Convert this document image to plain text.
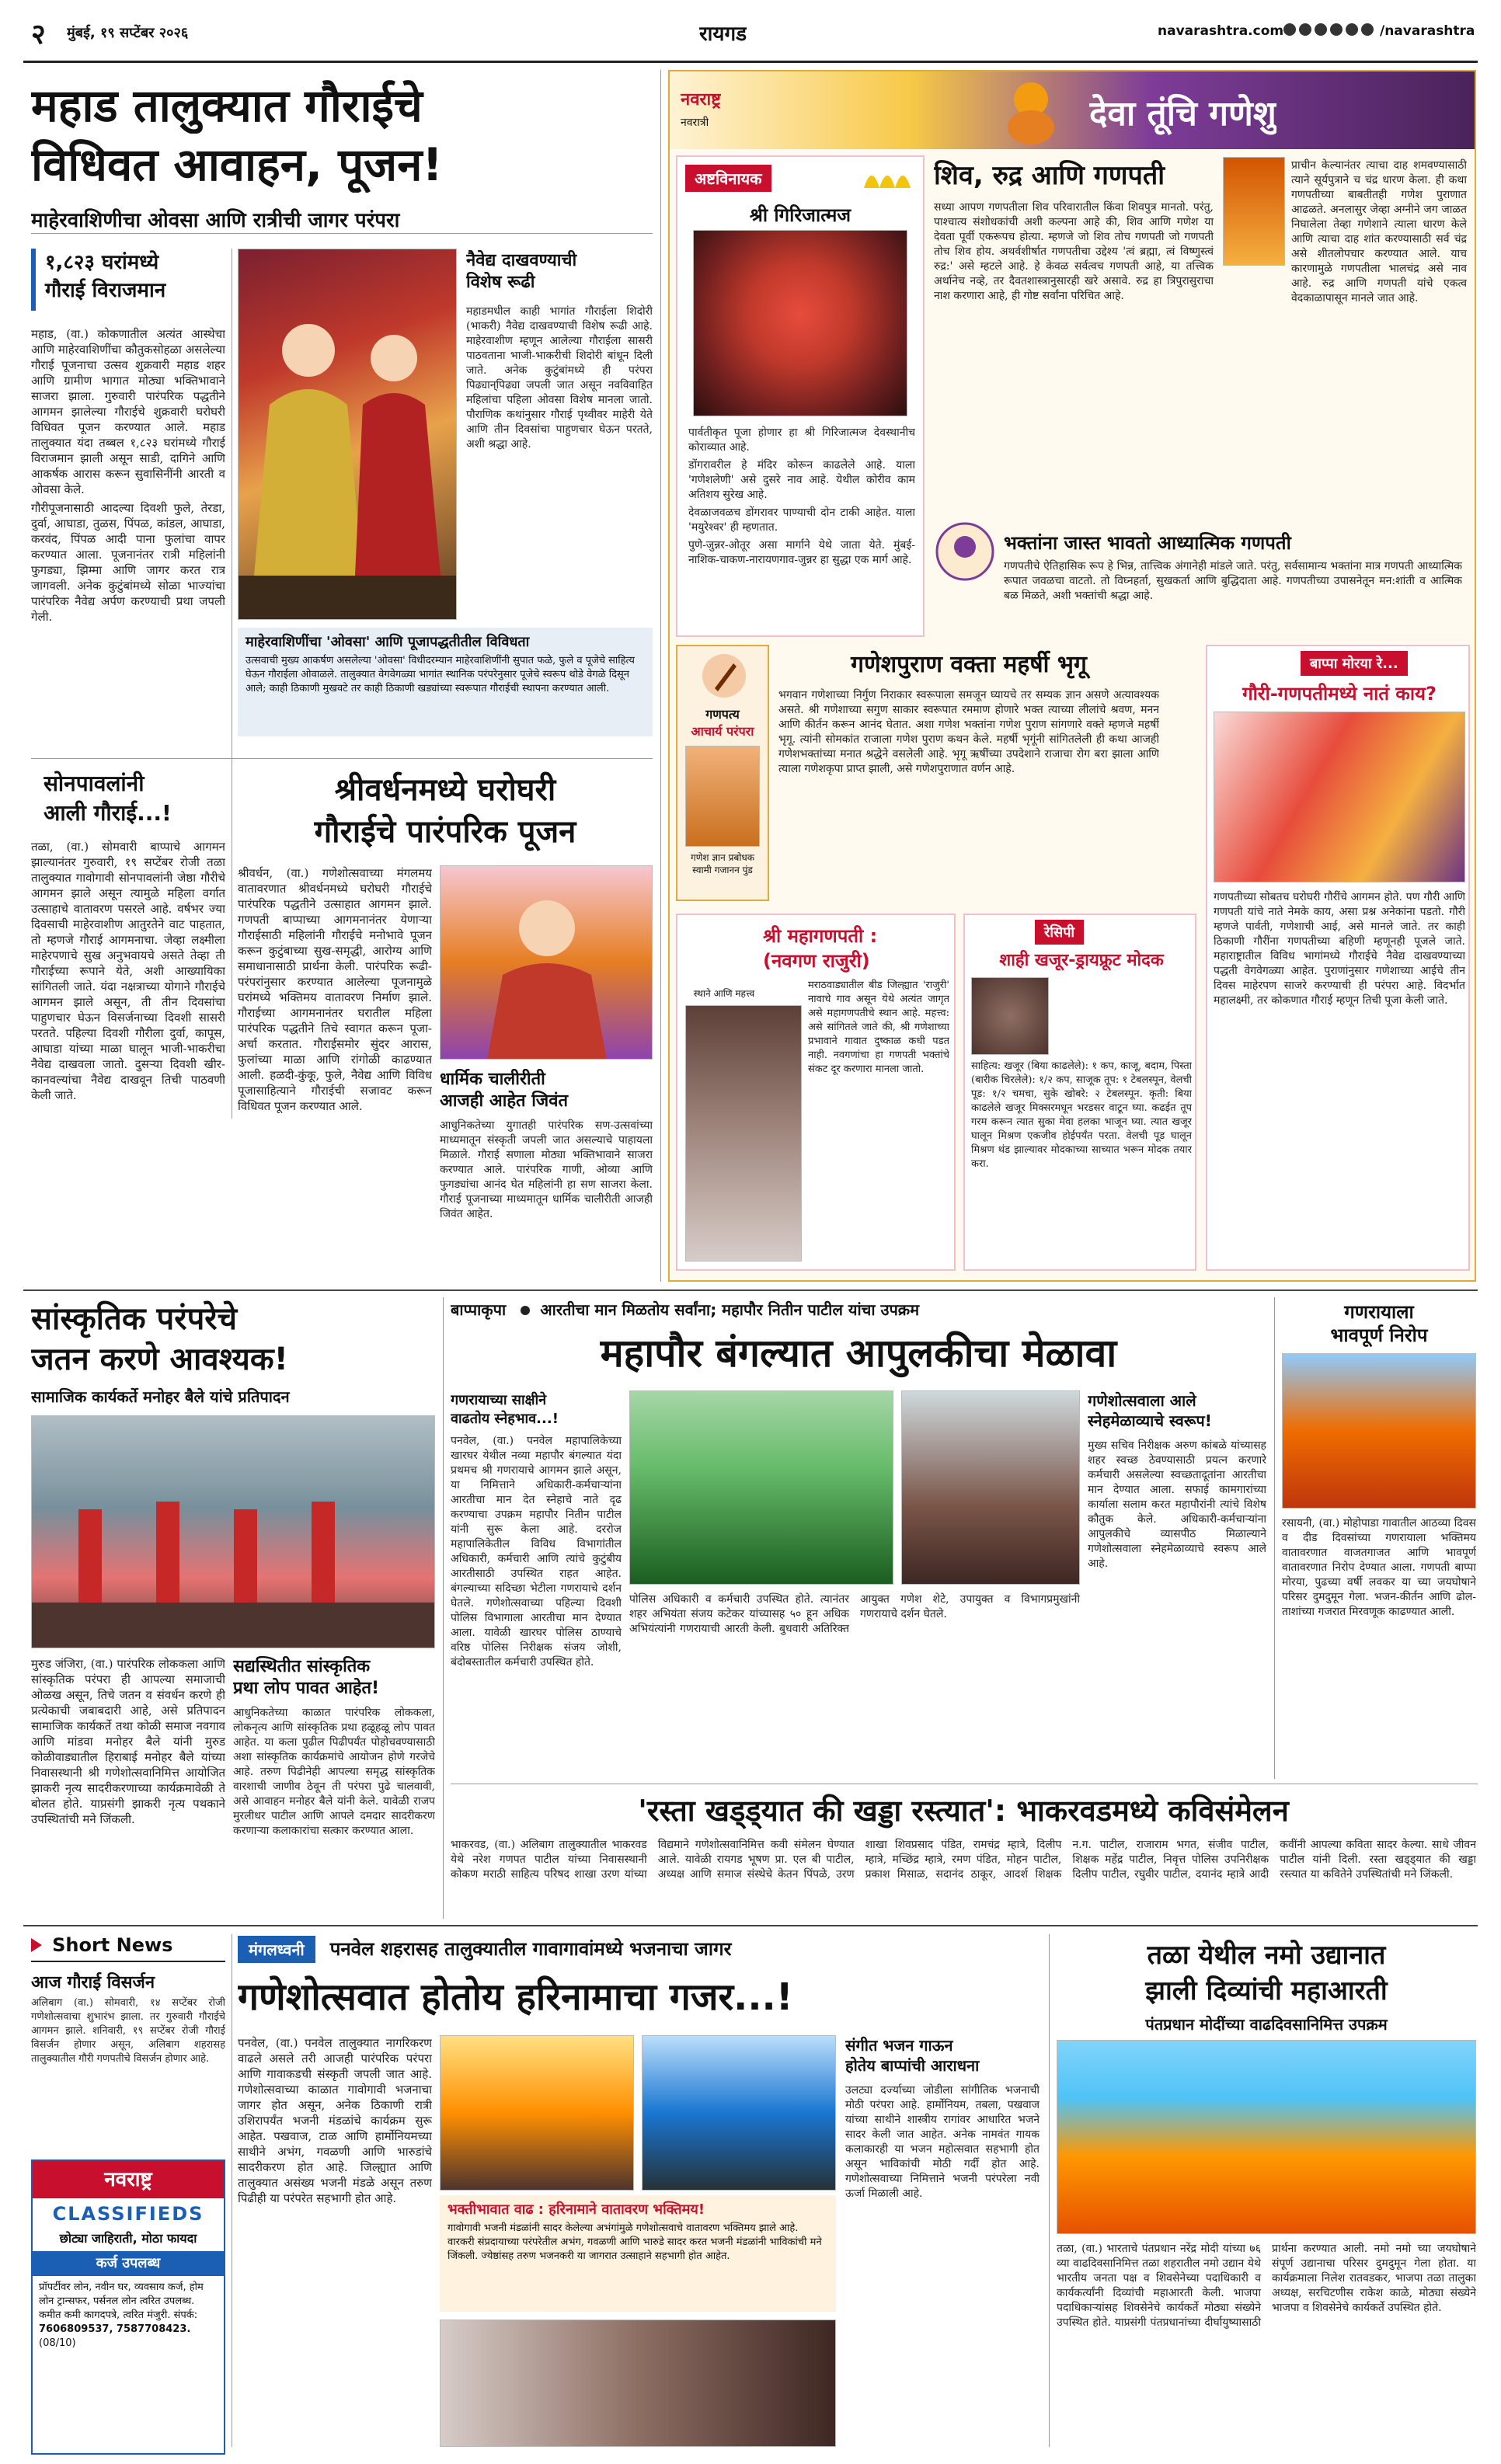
२ मुंबई, १९ सप्टेंबर २०२६	रायगड	navarashtra.com	/navarashtra
महाड तालुक्यात गौराईचे
विधिवत आवाहन, पूजन!
माहेरवाशिणीचा ओवसा आणि रात्रीची जागर परंपरा
१,८२३ घरांमध्ये
गौराई विराजमान

महाड, (वा.) कोकणातील अत्यंत आस्थेचा आणि माहेरवाशिणींचा कौतुकसोहळा असलेल्या गौराई पूजनाचा उत्सव शुक्रवारी महाड शहर आणि ग्रामीण भागात मोठ्या भक्तिभावाने साजरा झाला. गुरुवारी पारंपरिक पद्धतीने आगमन झालेल्या गौराईचे शुक्रवारी घरोघरी विधिवत पूजन करण्यात आले. महाड तालुक्यात यंदा तब्बल १,८२३ घरांमध्ये गौराई विराजमान झाली असून साडी, दागिने आणि आकर्षक आरास करून सुवासिनींनी आरती व ओवसा केले.

गौरीपूजनासाठी आदल्या दिवशी फुले, तेरडा, दुर्वा, आघाडा, तुळस, पिंपळ, कांडल, आघाडा, करवंद, पिंपळ आदी पाना फुलांचा वापर करण्यात आला. पूजनानंतर रात्री महिलांनी फुगड्या, झिम्मा आणि जागर करत रात्र जागवली. अनेक कुटुंबांमध्ये सोळा भाज्यांचा पारंपरिक नैवेद्य अर्पण करण्याची प्रथा जपली गेली.

नैवेद्य दाखवण्याची
विशेष रूढी
महाडमधील काही भागांत गौराईला शिदोरी (भाकरी) नैवेद्य दाखवण्याची विशेष रूढी आहे. माहेरवाशीण म्हणून आलेल्या गौराईला सासरी पाठवताना भाजी-भाकरीची शिदोरी बांधून दिली जाते. अनेक कुटुंबांमध्ये ही परंपरा पिढ्यान्‌पिढ्या जपली जात असून नवविवाहित महिलांचा पहिला ओवसा विशेष मानला जातो. पौराणिक कथांनुसार गौराई पृथ्वीवर माहेरी येते आणि तीन दिवसांचा पाहुणचार घेऊन परतते, अशी श्रद्धा आहे.
माहेरवाशिणींचा 'ओवसा' आणि पूजापद्धतीतील विविधता
उत्सवाची मुख्य आकर्षण असलेल्या 'ओवसा' विधीदरम्यान माहेरवाशिणींनी सुपात फळे, फुले व पूजेचे साहित्य घेऊन गौराईला ओवाळले. तालुक्यात वेगवेगळ्या भागांत स्थानिक परंपरेनुसार पूजेचे स्वरूप थोडे वेगळे दिसून आले; काही ठिकाणी मुखवटे तर काही ठिकाणी खड्यांच्या स्वरूपात गौराईची स्थापना करण्यात आली.
सोनपावलांनी
आली गौराई...!
तळा, (वा.) सोमवारी बाप्पाचे आगमन झाल्यानंतर गुरुवारी, १९ सप्टेंबर रोजी तळा तालुक्यात गावोगावी सोनपावलांनी जेष्ठा गौरीचे आगमन झाले असून त्यामुळे महिला वर्गात उत्साहाचे वातावरण पसरले आहे. वर्षभर ज्या दिवसाची माहेरवाशीण आतुरतेने वाट पाहतात, तो म्हणजे गौराई आगमनाचा. जेव्हा लक्ष्मीला माहेरपणाचे सुख अनुभवायचे असते तेव्हा ती गौराईच्या रूपाने येते, अशी आख्यायिका सांगितली जाते. यंदा नक्षत्राच्या योगाने गौराईचे आगमन झाले असून, ती तीन दिवसांचा पाहुणचार घेऊन विसर्जनाच्या दिवशी सासरी परतते. पहिल्या दिवशी गौरीला दुर्वा, कापूस, आघाडा यांच्या माळा घालून भाजी-भाकरीचा नैवेद्य दाखवला जातो. दुसऱ्या दिवशी खीर-कानवल्यांचा नैवेद्य दाखवून तिची पाठवणी केली जाते.
श्रीवर्धनमध्ये घरोघरी
गौराईचे पारंपरिक पूजन
श्रीवर्धन, (वा.) गणेशोत्सवाच्या मंगलमय वातावरणात श्रीवर्धनमध्ये घरोघरी गौराईचे पारंपरिक पद्धतीने उत्साहात आगमन झाले. गणपती बाप्पाच्या आगमनानंतर येणाऱ्या गौराईसाठी महिलांनी गौराईचे मनोभावे पूजन करून कुटुंबाच्या सुख-समृद्धी, आरोग्य आणि समाधानासाठी प्रार्थना केली. पारंपरिक रूढी-परंपरांनुसार करण्यात आलेल्या पूजनामुळे घरांमध्ये भक्तिमय वातावरण निर्माण झाले. गौराईच्या आगमनानंतर घरातील महिला पारंपरिक पद्धतीने तिचे स्वागत करून पूजा-अर्चा करतात. गौराईसमोर सुंदर आरास, फुलांच्या माळा आणि रांगोळी काढण्यात आली. हळदी-कुंकू, फुले, नैवेद्य आणि विविध पूजासाहित्याने गौराईची सजावट करून विधिवत पूजन करण्यात आले.
धार्मिक चालीरीती
आजही आहेत जिवंत
आधुनिकतेच्या युगातही पारंपरिक सण-उत्सवांच्या माध्यमातून संस्कृती जपली जात असल्याचे पाहायला मिळाले. गौराई सणाला मोठ्या भक्तिभावाने साजरा करण्यात आले. पारंपरिक गाणी, ओव्या आणि फुगड्यांचा आनंद घेत महिलांनी हा सण साजरा केला. गौराई पूजनाच्या माध्यमातून धार्मिक चालीरीती आजही जिवंत आहेत.
नवराष्ट्र
नवरात्री	देवा तूंचि गणेशु
अष्टविनायक
श्री गिरिजात्मज

पार्वतीकृत पूजा होणार हा श्री गिरिजात्मज देवस्थानीच कोराव्यात आहे.

डोंगरावरील हे मंदिर कोरून काढलेले आहे. याला 'गणेशलेणी' असे दुसरे नाव आहे. येथील कोरीव काम अतिशय सुरेख आहे.

देवळाजवळच डोंगरावर पाण्याची दोन टाकी आहेत. याला 'मयुरेश्वर' ही म्हणतात.

पुणे-जुन्नर-ओतूर असा मार्गाने येथे जाता येते. मुंबई-नाशिक-चाकण-नारायणगाव-जुन्नर हा सुद्धा एक मार्ग आहे.

शिव, रुद्र आणि गणपती
सध्या आपण गणपतीला शिव परिवारातील किंवा शिवपुत्र मानतो. परंतु, पाश्चात्य संशोधकांची अशी कल्पना आहे की, शिव आणि गणेश या देवता पूर्वी एकरूपच होत्या. म्हणजे जो शिव तोच गणपती जो गणपती तोच शिव होय. अथर्वशीर्षात गणपतीचा उद्देश्य 'त्वं ब्रह्मा, त्वं विष्णुस्त्वं रुद्र:' असे म्हटले आहे. हे केवळ सर्वत्वच गणपती आहे, या तत्त्विक अर्थानेच नव्हे, तर दैवतशास्त्रानुसारही खरे असावे. रुद्र हा त्रिपुरासुराचा नाश करणारा आहे, ही गोष्ट सर्वांना परिचित आहे.
प्राचीन केल्यानंतर त्याचा दाह शमवण्यासाठी त्याने सूर्यपुत्राने च चंद्र धारण केला. ही कथा गणपतीच्या बाबतीतही गणेश पुराणात आढळते. अनलासुर जेव्हा अग्नीने जग जाळत निघालेला तेव्हा गणेशाने त्याला धारण केले आणि त्याचा दाह शांत करण्यासाठी सर्व चंद्र असे शीतलोपचार करण्यात आले. याच कारणामुळे गणपतीला भालचंद्र असे नाव आहे. रुद्र आणि गणपती यांचे एकत्व वेदकाळापासून मानले जात आहे.
भक्तांना जास्त भावतो आध्यात्मिक गणपती
गणपतीचे ऐतिहासिक रूप हे भिन्न, तात्त्विक अंगानेही मांडले जाते. परंतु, सर्वसामान्य भक्तांना मात्र गणपती आध्यात्मिक रूपात जवळचा वाटतो. तो विघ्नहर्ता, सुखकर्ता आणि बुद्धिदाता आहे. गणपतीच्या उपासनेतून मन:शांती व आत्मिक बळ मिळते, अशी भक्तांची श्रद्धा आहे.
गणपत्य
आचार्य परंपरा
गणेश ज्ञान प्रबोधक स्वामी गजानन पुंड
गणेशपुराण वक्ता महर्षी भृगू
भगवान गणेशाच्या निर्गुण निराकार स्वरूपाला समजून घ्यायचे तर सम्यक ज्ञान असणे अत्यावश्यक असते. श्री गणेशाच्या सगुण साकार स्वरूपात रममाण होणारे भक्त त्याच्या लीलांचे श्रवण, मनन आणि कीर्तन करून आनंद घेतात. अशा गणेश भक्तांना गणेश पुराण सांगणारे वक्ते म्हणजे महर्षी भृगू. त्यांनी सोमकांत राजाला गणेश पुराण कथन केले. महर्षी भृगूंनी सांगितलेली ही कथा आजही गणेशभक्तांच्या मनात श्रद्धेने वसलेली आहे. भृगू ऋषींच्या उपदेशाने राजाचा रोग बरा झाला आणि त्याला गणेशकृपा प्राप्त झाली, असे गणेशपुराणात वर्णन आहे.
श्री महागणपती :
(नवगण राजुरी)
स्थाने आणि महत्त्व
मराठवाड्यातील बीड जिल्ह्यात 'राजुरी' नावाचे गाव असून येथे अत्यंत जागृत असे महागणपतीचे स्थान आहे. महत्त्व: असे सांगितले जाते की, श्री गणेशाच्या प्रभावाने गावात दुष्काळ कधी पडत नाही. नवगणांचा हा गणपती भक्तांचे संकट दूर करणारा मानला जातो.
रेसिपी
शाही खजूर-ड्रायफ्रूट मोदक
साहित्य: खजूर (बिया काढलेले): १ कप, काजू, बदाम, पिस्ता (बारीक चिरलेले): १/२ कप, साजूक तूप: १ टेबलस्पून, वेलची पूड: १/२ चमचा, सुके खोबरे: २ टेबलस्पून. कृती: बिया काढलेले खजूर मिक्सरमधून भरडसर वाटून घ्या. कढईत तूप गरम करून त्यात सुका मेवा हलका भाजून घ्या. त्यात खजूर घालून मिश्रण एकजीव होईपर्यंत परता. वेलची पूड घालून मिश्रण थंड झाल्यावर मोदकाच्या साच्यात भरून मोदक तयार करा.
बाप्पा मोरया रे...
गौरी-गणपतीमध्ये नातं काय?
गणपतीच्या सोबतच घरोघरी गौरींचे आगमन होते. पण गौरी आणि गणपती यांचे नाते नेमके काय, असा प्रश्न अनेकांना पडतो. गौरी म्हणजे पार्वती, गणेशाची आई, असे मानले जाते. तर काही ठिकाणी गौरींना गणपतीच्या बहिणी म्हणूनही पूजले जाते. महाराष्ट्रातील विविध भागांमध्ये गौराईचे नैवेद्य दाखवण्याच्या पद्धती वेगवेगळ्या आहेत. पुराणांनुसार गणेशाच्या आईचे तीन दिवस माहेरपण साजरे करण्याची ही परंपरा आहे. विदर्भात महालक्ष्मी, तर कोकणात गौराई म्हणून तिची पूजा केली जाते.
सांस्कृतिक परंपरेचे
जतन करणे आवश्यक!
सामाजिक कार्यकर्ते मनोहर बैले यांचे प्रतिपादन
मुरुड जंजिरा, (वा.) पारंपरिक लोककला आणि सांस्कृतिक परंपरा ही आपल्या समाजाची ओळख असून, तिचे जतन व संवर्धन करणे ही प्रत्येकाची जबाबदारी आहे, असे प्रतिपादन सामाजिक कार्यकर्ते तथा कोळी समाज नवगाव आणि मांडवा मनोहर बैले यांनी मुरुड कोळीवाड्यातील हिराबाई मनोहर बैले यांच्या निवासस्थानी श्री गणेशोत्सवानिमित्त आयोजित झाकरी नृत्य सादरीकरणाच्या कार्यक्रमावेळी ते बोलत होते. याप्रसंगी झाकरी नृत्य पथकाने उपस्थितांची मने जिंकली.
सद्यस्थितीत सांस्कृतिक
प्रथा लोप पावत आहेत!
आधुनिकतेच्या काळात पारंपरिक लोककला, लोकनृत्य आणि सांस्कृतिक प्रथा हळूहळू लोप पावत आहेत. या कला पुढील पिढीपर्यंत पोहोचवण्यासाठी अशा सांस्कृतिक कार्यक्रमांचे आयोजन होणे गरजेचे आहे. तरुण पिढीनेही आपल्या समृद्ध सांस्कृतिक वारशाची जाणीव ठेवून ती परंपरा पुढे चालवावी, असे आवाहन मनोहर बैले यांनी केले. यावेळी राजप मुरलीधर पाटील आणि आपले दमदार सादरीकरण करणाऱ्या कलाकारांचा सत्कार करण्यात आला.
बाप्पाकृपा आरतीचा मान मिळतोय सर्वांना; महापौर नितीन पाटील यांचा उपक्रम
महापौर बंगल्यात आपुलकीचा मेळावा
गणरायाच्या साक्षीने
वाढतोय स्नेहभाव...!
पनवेल, (वा.) पनवेल महापालिकेच्या खारघर येथील नव्या महापौर बंगल्यात यंदा प्रथमच श्री गणरायाचे आगमन झाले असून, या निमित्ताने अधिकारी-कर्मचाऱ्यांना आरतीचा मान देत स्नेहाचे नाते दृढ करण्याचा उपक्रम महापौर नितीन पाटील यांनी सुरू केला आहे. दररोज महापालिकेतील विविध विभागांतील अधिकारी, कर्मचारी आणि त्यांचे कुटुंबीय आरतीसाठी उपस्थित राहत आहेत. बंगल्याच्या सदिच्छा भेटीला गणरायाचे दर्शन घेतले. गणेशोत्सवाच्या पहिल्या दिवशी पोलिस विभागाला आरतीचा मान देण्यात आला. यावेळी खारघर पोलिस ठाण्याचे वरिष्ठ पोलिस निरीक्षक संजय जोशी, बंदोबस्तातील कर्मचारी उपस्थित होते.
पोलिस अधिकारी व कर्मचारी उपस्थित होते. त्यानंतर शहर अभियंता संजय कटेकर यांच्यासह ५० हून अधिक अभियंत्यांनी गणरायाची आरती केली. बुधवारी अतिरिक्त आयुक्त गणेश शेटे, उपायुक्त व विभागप्रमुखांनी गणरायाचे दर्शन घेतले.
गणेशोत्सवाला आले
स्नेहमेळाव्याचे स्वरूप!
मुख्य सचिव निरीक्षक अरुण कांबळे यांच्यासह शहर स्वच्छ ठेवण्यासाठी प्रयत्न करणारे कर्मचारी असलेल्या स्वच्छतादूतांना आरतीचा मान देण्यात आला. सफाई कामगारांच्या कार्याला सलाम करत महापौरांनी त्यांचे विशेष कौतुक केले. अधिकारी-कर्मचाऱ्यांना आपुलकीचे व्यासपीठ मिळाल्याने गणेशोत्सवाला स्नेहमेळाव्याचे स्वरूप आले आहे.
गणरायाला
भावपूर्ण निरोप
रसायनी, (वा.) मोहोपाडा गावातील आठव्या दिवस व दीड दिवसांच्या गणरायाला भक्तिमय वातावरणात वाजतगाजत आणि भावपूर्ण वातावरणात निरोप देण्यात आला. गणपती बाप्पा मोरया, पुढच्या वर्षी लवकर या च्या जयघोषाने परिसर दुमदुमून गेला. भजन-कीर्तन आणि ढोल-ताशांच्या गजरात मिरवणूक काढण्यात आली.
'रस्ता खड्ड्यात की खड्डा रस्त्यात': भाकरवडमध्ये कविसंमेलन
भाकरवड, (वा.) अलिबाग तालुक्यातील भाकरवड येथे नरेश गणपत पाटील यांच्या निवासस्थानी कोकण मराठी साहित्य परिषद शाखा उरण यांच्या विद्यमाने गणेशोत्सवानिमित्त कवी संमेलन घेण्यात आले. यावेळी रायगड भूषण प्रा. एल बी पाटील, अध्यक्ष आणि समाज संस्थेचे केतन पिंपळे, उरण शाखा शिवप्रसाद पंडित, रामचंद्र म्हात्रे, दिलीप म्हात्रे, मच्छिंद्र म्हात्रे, रमण पंडित, मोहन पाटील, प्रकाश मिसाळ, सदानंद ठाकूर, आदर्श शिक्षक न.ग. पाटील, राजाराम भगत, संजीव पाटील, शिक्षक महेंद्र पाटील, निवृत्त पोलिस उपनिरीक्षक दिलीप पाटील, रघुवीर पाटील, दयानंद म्हात्रे आदी कवींनी आपल्या कविता सादर केल्या. साधे जीवन पाटील यांनी दिली. रस्ता खड्ड्यात की खड्डा रस्त्यात या कवितेने उपस्थितांची मने जिंकली.
Short News
आज गौराई विसर्जन
अलिबाग (वा.) सोमवारी, १४ सप्टेंबर रोजी गणेशोत्सवाचा शुभारंभ झाला. तर गुरुवारी गौराईचे आगमन झाले. शनिवारी, १९ सप्टेंबर रोजी गौराई विसर्जन होणार असून, अलिबाग शहरासह तालुक्यातील गौरी गणपतीचे विसर्जन होणार आहे.
नवराष्ट्र
CLASSIFIEDS
छोट्या जाहिराती, मोठा फायदा
कर्ज उपलब्ध
प्रॉपर्टीवर लोन, नवीन घर, व्यवसाय कर्ज, होम लोन ट्रान्सफर, पर्सनल लोन त्वरित उपलब्ध. कमीत कमी कागदपत्रे, त्वरित मंजुरी. संपर्क: 7606809537, 7587708423. (08/10)
मंगलध्वनी पनवेल शहरासह तालुक्यातील गावागावांमध्ये भजनाचा जागर
गणेशोत्सवात होतोय हरिनामाचा गजर...!
पनवेल, (वा.) पनवेल तालुक्यात नागरिकरण वाढले असले तरी आजही पारंपरिक परंपरा आणि गावाकडची संस्कृती जपली जात आहे. गणेशोत्सवाच्या काळात गावोगावी भजनाचा जागर होत असून, अनेक ठिकाणी रात्री उशिरापर्यंत भजनी मंडळांचे कार्यक्रम सुरू आहेत. पखवाज, टाळ आणि हार्मोनियमच्या साथीने अभंग, गवळणी आणि भारुडांचे सादरीकरण होत आहे. जिल्ह्यात आणि तालुक्यात असंख्य भजनी मंडळे असून तरुण पिढीही या परंपरेत सहभागी होत आहे.
भक्तीभावात वाढ : हरिनामाने वातावरण भक्तिमय!
गावोगावी भजनी मंडळांनी सादर केलेल्या अभंगांमुळे गणेशोत्सवाचे वातावरण भक्तिमय झाले आहे. वारकरी संप्रदायाच्या परंपरेतील अभंग, गवळणी आणि भारुडे सादर करत भजनी मंडळांनी भाविकांची मने जिंकली. ज्येष्ठांसह तरुण भजनकरी या जागरात उत्साहाने सहभागी होत आहेत.
संगीत भजन गाऊन
होतेय बाप्पांची आराधना
उलट्या दर्ज्याच्या जोडीला सांगीतिक भजनाची मोठी परंपरा आहे. हार्मोनियम, तबला, पखवाज यांच्या साथीने शास्त्रीय रागांवर आधारित भजने सादर केली जात आहेत. अनेक नामवंत गायक कलाकारही या भजन महोत्सवात सहभागी होत असून भाविकांची मोठी गर्दी होत आहे. गणेशोत्सवाच्या निमित्ताने भजनी परंपरेला नवी ऊर्जा मिळाली आहे.
तळा येथील नमो उद्यानात
झाली दिव्यांची महाआरती
पंतप्रधान मोदींच्या वाढदिवसानिमित्त उपक्रम
तळा, (वा.) भारताचे पंतप्रधान नरेंद्र मोदी यांच्या ७६ व्या वाढदिवसानिमित्त तळा शहरातील नमो उद्यान येथे भारतीय जनता पक्ष व शिवसेनेच्या पदाधिकारी व कार्यकर्त्यांनी दिव्यांची महाआरती केली. भाजपा पदाधिकाऱ्यांसह शिवसेनेचे कार्यकर्ते मोठ्या संख्येने उपस्थित होते. याप्रसंगी पंतप्रधानांच्या दीर्घायुष्यासाठी प्रार्थना करण्यात आली. नमो नमो च्या जयघोषाने संपूर्ण उद्यानाचा परिसर दुमदुमून गेला होता. या कार्यक्रमाला निलेश रातवडकर, भाजपा तळा तालुका अध्यक्ष, सरचिटणीस राकेश काळे, मोठ्या संख्येने भाजपा व शिवसेनेचे कार्यकर्ते उपस्थित होते.
